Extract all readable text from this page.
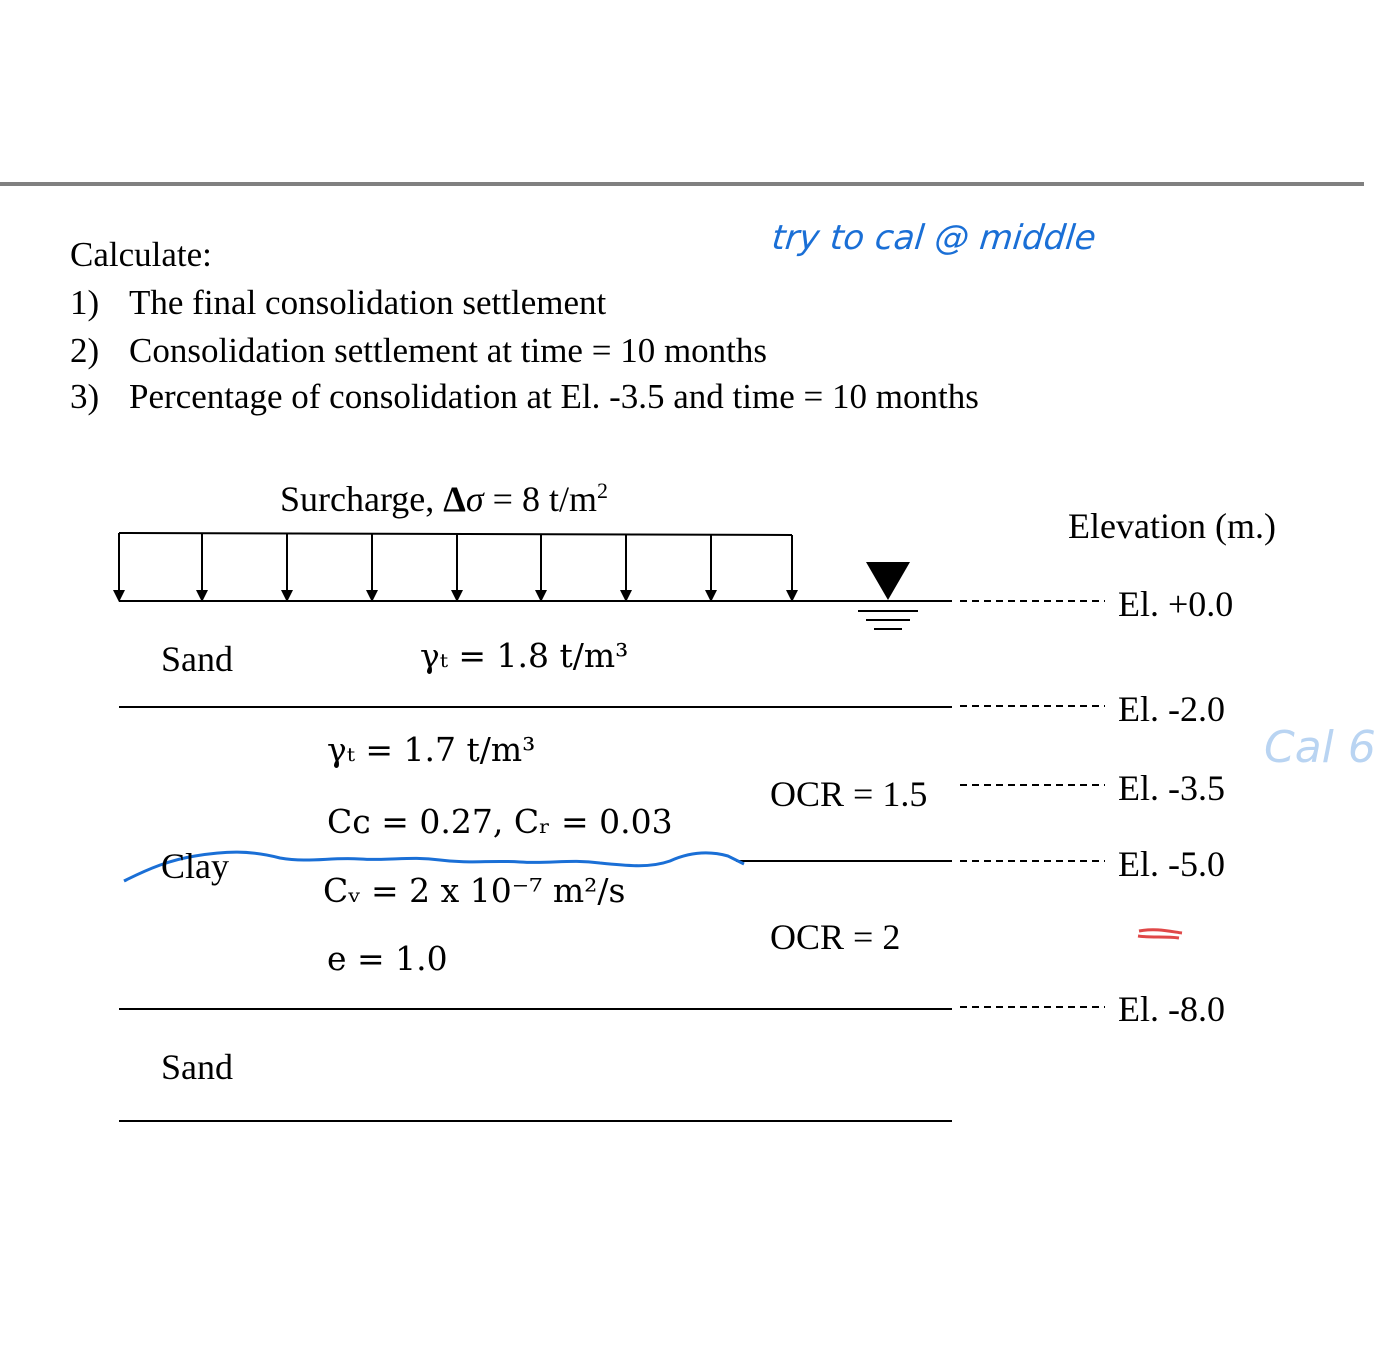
Calculate:
1) The final consolidation settlement
2) Consolidation settlement at time = 10 months
3) Percentage of consolidation at El. -3.5 and time = 10 months
try to cal @ middle
Cal 6
Surcharge, Δσ = 8 $t/m^2$
Elevation (m.)
El. +0.0
El. -2.0
El. -3.5
El. -5.0
El. -8.0
Sand	γₜ = 1.8 t/m³
Clay
γₜ = 1.7 t/m³
Cᴄ = 0.27, Cᵣ = 0.03
Cᵥ = 2 x 10⁻⁷ m²/s
e = 1.0
OCR = 1.5
OCR = 2
Sand
